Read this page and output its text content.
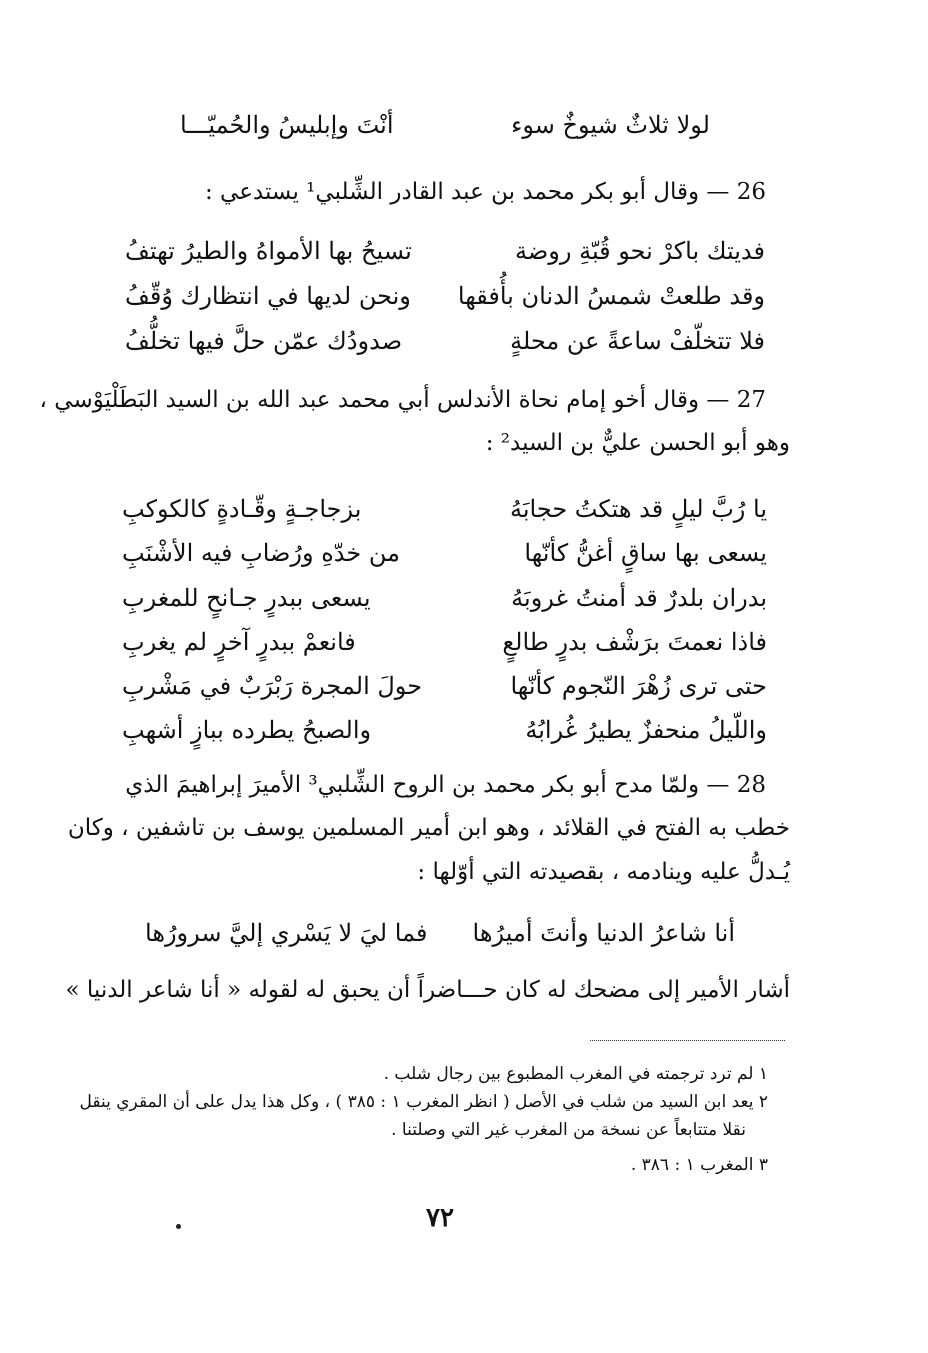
لولا ثلاثٌ شيوخٌ سوء
أنْتَ وإبليسُ والحُميّـــا
26 — وقال أبو بكر محمد بن عبد القادر الشِّلبي¹ يستدعي :
فديتك باكرْ نحو قُبّةِ روضة
تسيحُ بها الأمواهُ والطيرُ تهتفُ
وقد طلعتْ شمسُ الدنان بأُفقها
ونحن لديها في انتظارك وُقّفُ
فلا تتخلّفْ ساعةً عن محلةٍ
صدودُك عمّن حلَّ فيها تخلُّفُ
27 — وقال أخو إمام نحاة الأندلس أبي محمد عبد الله بن السيد البَطَلْيَوْسي ،
وهو أبو الحسن عليٌّ بن السيد² :
يا رُبَّ ليلٍ قد هتكتُ حجابَهُ
بزجاجـةٍ وقّـادةٍ كالكوكبِ
يسعى بها ساقٍ أغنُّ كأنّها
من خدّهِ ورُضابِ فيه الأشْنَبِ
بدران بلدرٌ قد أمنتُ غروبَهُ
يسعى ببدرٍ جـانحٍ للمغربِ
فاذا نعمتَ برَشْف بدرٍ طالعٍ
فانعمْ ببدرٍ آخرٍ لم يغربِ
حتى ترى زُهْرَ النّجوم كأنّها
حولَ المجرة رَبْرَبٌ في مَشْربِ
واللّيلُ منحفزٌ يطيرُ غُرابُهُ
والصبحُ يطرده ببازٍ أشهبِ
28 — ولمّا مدح أبو بكر محمد بن الروح الشِّلبي³ الأميرَ إبراهيمَ الذي
خطب به الفتح في القلائد ، وهو ابن أمير المسلمين يوسف بن تاشفين ، وكان
يُـدلُّ عليه وينادمه ، بقصيدته التي أوّلها :
أنا شاعرُ الدنيا وأنتَ أميرُها
فما ليَ لا يَسْري إليَّ سرورُها
أشار الأمير إلى مضحك له كان حـــاضراً أن يحبق له لقوله « أنا شاعر الدنيا »
١ لم ترد ترجمته في المغرب المطبوع بين رجال شلب .
٢ يعد ابن السيد من شلب في الأصل ( انظر المغرب ١ : ٣٨٥ ) ، وكل هذا يدل على أن المقري ينقل
نقلا متتابعاً عن نسخة من المغرب غير التي وصلتنا .
٣ المغرب ١ : ٣٨٦ .
٧٢
